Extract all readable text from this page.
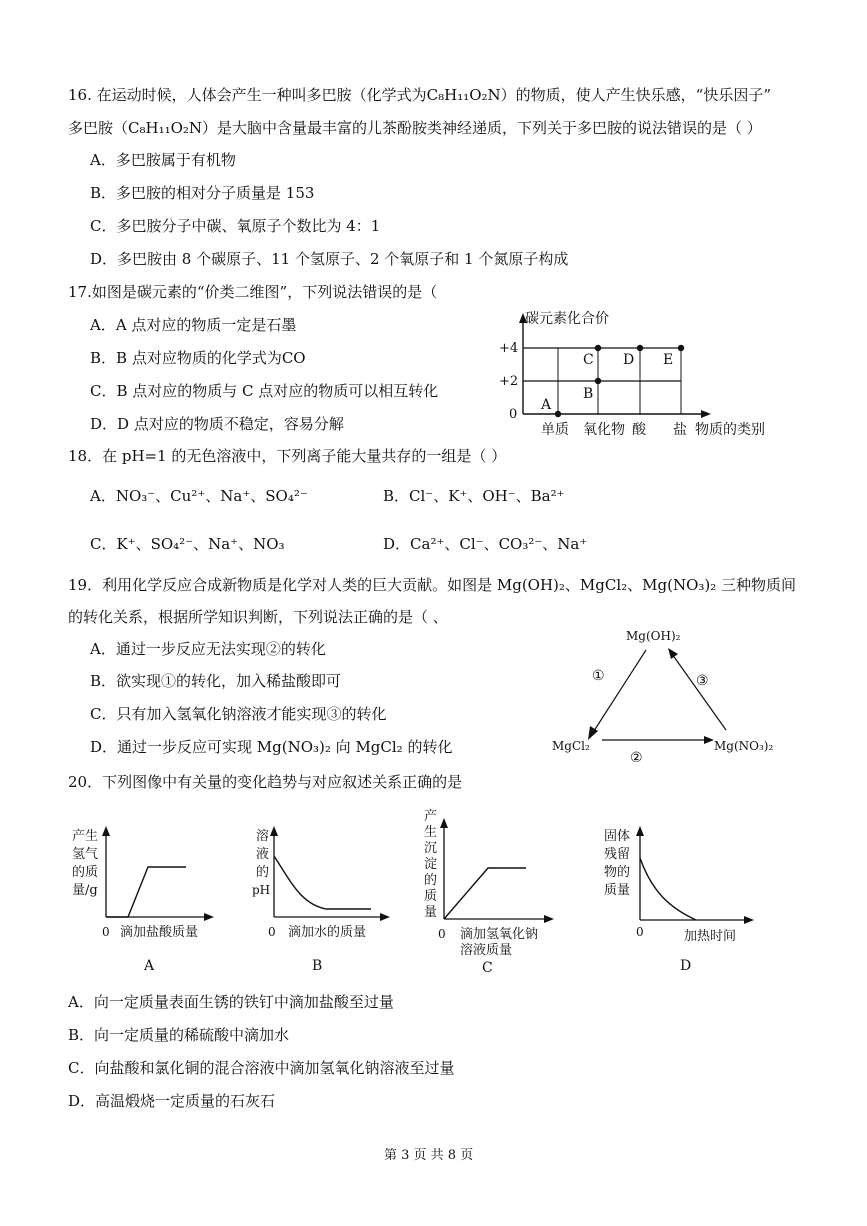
16. 在运动时候，人体会产生一种叫多巴胺（化学式为C₈H₁₁O₂N）的物质，使人产生快乐感，“快乐因子”
多巴胺（C₈H₁₁O₂N）是大脑中含量最丰富的儿茶酚胺类神经递质，下列关于多巴胺的说法错误的是（ ）
A．多巴胺属于有机物
B．多巴胺的相对分子质量是 153
C．多巴胺分子中碳、氧原子个数比为 4：1
D．多巴胺由 8 个碳原子、11 个氢原子、2 个氧原子和 1 个氮原子构成
17.如图是碳元素的“价类二维图”，下列说法错误的是（
A．A 点对应的物质一定是石墨
B．B 点对应物质的化学式为CO
C．B 点对应的物质与 C 点对应的物质可以相互转化
D．D 点对应的物质不稳定，容易分解
碳元素化合价
+4
+2
0
单质 氧化物 酸 盐 物质的类别
A
B
C D E
18．在 pH=1 的无色溶液中，下列离子能大量共存的一组是（ ）
A．NO₃⁻、Cu²⁺、Na⁺、SO₄²⁻	B．Cl⁻、K⁺、OH⁻、Ba²⁺
C．K⁺、SO₄²⁻、Na⁺、NO₃	D．Ca²⁺、Cl⁻、CO₃²⁻、Na⁺
19．利用化学反应合成新物质是化学对人类的巨大贡献。如图是 Mg(OH)₂、MgCl₂、Mg(NO₃)₂ 三种物质间
的转化关系，根据所学知识判断，下列说法正确的是（ 、
A．通过一步反应无法实现②的转化
B．欲实现①的转化，加入稀盐酸即可
C．只有加入氢氧化钠溶液才能实现③的转化
D．通过一步反应可实现 Mg(NO₃)₂ 向 MgCl₂ 的转化
Mg(OH)₂
MgCl₂	Mg(NO₃)₂
①
②
③
20．下列图像中有关量的变化趋势与对应叙述关系正确的是
产生
氢气
的质
量/g
0 滴加盐酸质量
A
溶
液
的
pH
0 滴加水的质量
B
产
生
沉
淀
的
质
量
0 滴加氢氧化钠
溶液质量
C
固体
残留
物的
质量
0	加热时间
D
A．向一定质量表面生锈的铁钉中滴加盐酸至过量
B．向一定质量的稀硫酸中滴加水
C．向盐酸和氯化铜的混合溶液中滴加氢氧化钠溶液至过量
D．高温煅烧一定质量的石灰石
第 3 页 共 8 页
